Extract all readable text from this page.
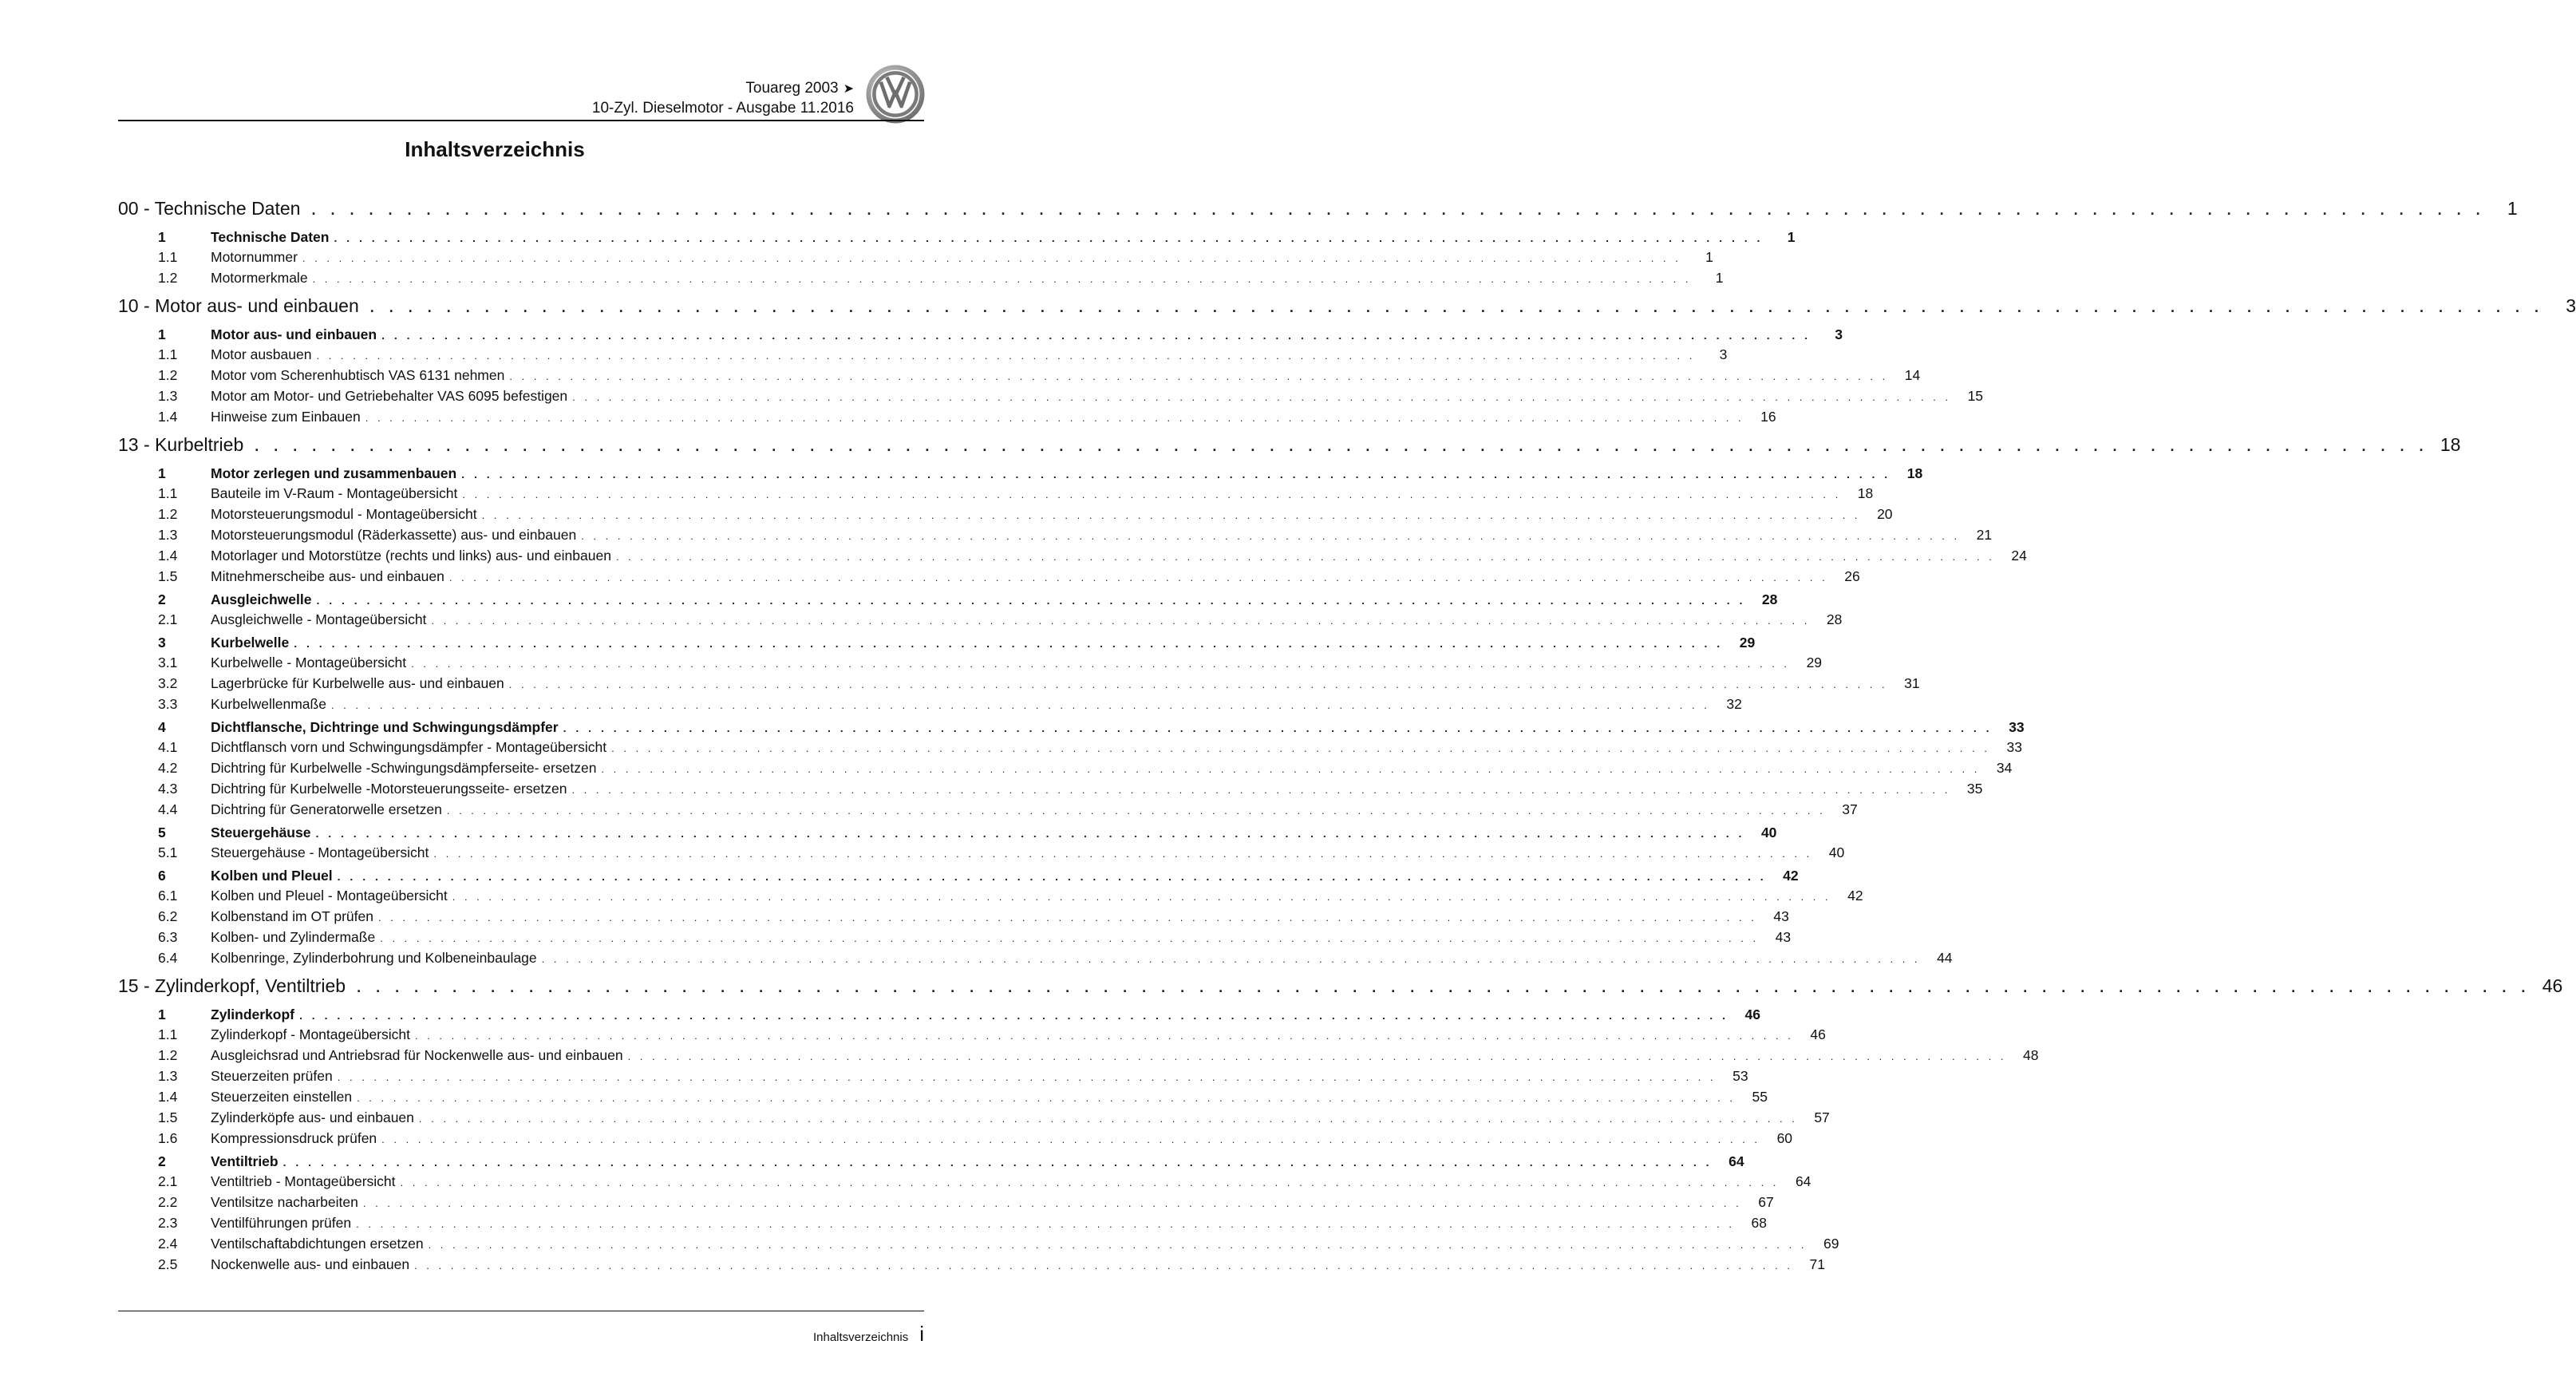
Touareg 2003 ➤
10-Zyl. Dieselmotor - Ausgabe 11.2016
Inhaltsverzeichnis
00 - Technische Daten . . . . . . . . . . . . . . . . . . . . . . . . . . . . . . . . . . . . . . . . . . . . . . . . . . . . . . . . . . . . . . . . . . . . . . . . . . . . . . . . . . . . . . . . . . . . . . . . . . . . . . . . . . . . . . . . . .	1
1	Technische Daten . . . . . . . . . . . . . . . . . . . . . . . . . . . . . . . . . . . . . . . . . . . . . . . . . . . . . . . . . . . . . . . . . . . . . . . . . . . . . . . . . . . . . . . . . . . . . . . . . . . . . . . . . . . . . . . . . .	1
1.1	Motornummer . . . . . . . . . . . . . . . . . . . . . . . . . . . . . . . . . . . . . . . . . . . . . . . . . . . . . . . . . . . . . . . . . . . . . . . . . . . . . . . . . . . . . . . . . . . . . . . . . . . . . . . . . . . . . . . . . .	1
1.2	Motormerkmale . . . . . . . . . . . . . . . . . . . . . . . . . . . . . . . . . . . . . . . . . . . . . . . . . . . . . . . . . . . . . . . . . . . . . . . . . . . . . . . . . . . . . . . . . . . . . . . . . . . . . . . . . . . . . . . . . .	1
10 - Motor aus- und einbauen . . . . . . . . . . . . . . . . . . . . . . . . . . . . . . . . . . . . . . . . . . . . . . . . . . . . . . . . . . . . . . . . . . . . . . . . . . . . . . . . . . . . . . . . . . . . . . . . . . . . . . . . . . . . . . . . . .	3
1	Motor aus- und einbauen . . . . . . . . . . . . . . . . . . . . . . . . . . . . . . . . . . . . . . . . . . . . . . . . . . . . . . . . . . . . . . . . . . . . . . . . . . . . . . . . . . . . . . . . . . . . . . . . . . . . . . . . . . . . . . . . . .	3
1.1	Motor ausbauen . . . . . . . . . . . . . . . . . . . . . . . . . . . . . . . . . . . . . . . . . . . . . . . . . . . . . . . . . . . . . . . . . . . . . . . . . . . . . . . . . . . . . . . . . . . . . . . . . . . . . . . . . . . . . . . . . .	3
1.2	Motor vom Scherenhubtisch VAS 6131 nehmen . . . . . . . . . . . . . . . . . . . . . . . . . . . . . . . . . . . . . . . . . . . . . . . . . . . . . . . . . . . . . . . . . . . . . . . . . . . . . . . . . . . . . . . . . . . . . . . . . . . . . . . . . . . . . . . . . .	14
1.3	Motor am Motor- und Getriebehalter VAS 6095 befestigen . . . . . . . . . . . . . . . . . . . . . . . . . . . . . . . . . . . . . . . . . . . . . . . . . . . . . . . . . . . . . . . . . . . . . . . . . . . . . . . . . . . . . . . . . . . . . . . . . . . . . . . . . . . . . . . . . .	15
1.4	Hinweise zum Einbauen . . . . . . . . . . . . . . . . . . . . . . . . . . . . . . . . . . . . . . . . . . . . . . . . . . . . . . . . . . . . . . . . . . . . . . . . . . . . . . . . . . . . . . . . . . . . . . . . . . . . . . . . . . . . . . . . . .	16
13 - Kurbeltrieb . . . . . . . . . . . . . . . . . . . . . . . . . . . . . . . . . . . . . . . . . . . . . . . . . . . . . . . . . . . . . . . . . . . . . . . . . . . . . . . . . . . . . . . . . . . . . . . . . . . . . . . . . . . . . . . . . . 18
1	Motor zerlegen und zusammenbauen . . . . . . . . . . . . . . . . . . . . . . . . . . . . . . . . . . . . . . . . . . . . . . . . . . . . . . . . . . . . . . . . . . . . . . . . . . . . . . . . . . . . . . . . . . . . . . . . . . . . . . . . . . . . . . . . . .	18
1.1	Bauteile im V-Raum - Montageübersicht . . . . . . . . . . . . . . . . . . . . . . . . . . . . . . . . . . . . . . . . . . . . . . . . . . . . . . . . . . . . . . . . . . . . . . . . . . . . . . . . . . . . . . . . . . . . . . . . . . . . . . . . . . . . . . . . . .	18
1.2	Motorsteuerungsmodul - Montageübersicht . . . . . . . . . . . . . . . . . . . . . . . . . . . . . . . . . . . . . . . . . . . . . . . . . . . . . . . . . . . . . . . . . . . . . . . . . . . . . . . . . . . . . . . . . . . . . . . . . . . . . . . . . . . . . . . . . .	20
1.3	Motorsteuerungsmodul (Räderkassette) aus- und einbauen . . . . . . . . . . . . . . . . . . . . . . . . . . . . . . . . . . . . . . . . . . . . . . . . . . . . . . . . . . . . . . . . . . . . . . . . . . . . . . . . . . . . . . . . . . . . . . . . . . . . . . . . . . . . . . . . . .	21
1.4	Motorlager und Motorstütze (rechts und links) aus- und einbauen . . . . . . . . . . . . . . . . . . . . . . . . . . . . . . . . . . . . . . . . . . . . . . . . . . . . . . . . . . . . . . . . . . . . . . . . . . . . . . . . . . . . . . . . . . . . . . . . . . . . . . . . . . . . . . . . . .	24
1.5	Mitnehmerscheibe aus- und einbauen . . . . . . . . . . . . . . . . . . . . . . . . . . . . . . . . . . . . . . . . . . . . . . . . . . . . . . . . . . . . . . . . . . . . . . . . . . . . . . . . . . . . . . . . . . . . . . . . . . . . . . . . . . . . . . . . . .	26
2	Ausgleichwelle . . . . . . . . . . . . . . . . . . . . . . . . . . . . . . . . . . . . . . . . . . . . . . . . . . . . . . . . . . . . . . . . . . . . . . . . . . . . . . . . . . . . . . . . . . . . . . . . . . . . . . . . . . . . . . . . . .	28
2.1	Ausgleichwelle - Montageübersicht . . . . . . . . . . . . . . . . . . . . . . . . . . . . . . . . . . . . . . . . . . . . . . . . . . . . . . . . . . . . . . . . . . . . . . . . . . . . . . . . . . . . . . . . . . . . . . . . . . . . . . . . . . . . . . . . . .	28
3	Kurbelwelle . . . . . . . . . . . . . . . . . . . . . . . . . . . . . . . . . . . . . . . . . . . . . . . . . . . . . . . . . . . . . . . . . . . . . . . . . . . . . . . . . . . . . . . . . . . . . . . . . . . . . . . . . . . . . . . . . .	29
3.1	Kurbelwelle - Montageübersicht . . . . . . . . . . . . . . . . . . . . . . . . . . . . . . . . . . . . . . . . . . . . . . . . . . . . . . . . . . . . . . . . . . . . . . . . . . . . . . . . . . . . . . . . . . . . . . . . . . . . . . . . . . . . . . . . . .	29
3.2	Lagerbrücke für Kurbelwelle aus- und einbauen . . . . . . . . . . . . . . . . . . . . . . . . . . . . . . . . . . . . . . . . . . . . . . . . . . . . . . . . . . . . . . . . . . . . . . . . . . . . . . . . . . . . . . . . . . . . . . . . . . . . . . . . . . . . . . . . . .	31
3.3	Kurbelwellenmaße . . . . . . . . . . . . . . . . . . . . . . . . . . . . . . . . . . . . . . . . . . . . . . . . . . . . . . . . . . . . . . . . . . . . . . . . . . . . . . . . . . . . . . . . . . . . . . . . . . . . . . . . . . . . . . . . . .	32
4	Dichtflansche, Dichtringe und Schwingungsdämpfer . . . . . . . . . . . . . . . . . . . . . . . . . . . . . . . . . . . . . . . . . . . . . . . . . . . . . . . . . . . . . . . . . . . . . . . . . . . . . . . . . . . . . . . . . . . . . . . . . . . . . . . . . . . . . . . . . .	33
4.1	Dichtflansch vorn und Schwingungsdämpfer - Montageübersicht . . . . . . . . . . . . . . . . . . . . . . . . . . . . . . . . . . . . . . . . . . . . . . . . . . . . . . . . . . . . . . . . . . . . . . . . . . . . . . . . . . . . . . . . . . . . . . . . . . . . . . . . . . . . . . . . . .	33
4.2	Dichtring für Kurbelwelle -Schwingungsdämpferseite- ersetzen . . . . . . . . . . . . . . . . . . . . . . . . . . . . . . . . . . . . . . . . . . . . . . . . . . . . . . . . . . . . . . . . . . . . . . . . . . . . . . . . . . . . . . . . . . . . . . . . . . . . . . . . . . . . . . . . . .	34
4.3	Dichtring für Kurbelwelle -Motorsteuerungsseite- ersetzen . . . . . . . . . . . . . . . . . . . . . . . . . . . . . . . . . . . . . . . . . . . . . . . . . . . . . . . . . . . . . . . . . . . . . . . . . . . . . . . . . . . . . . . . . . . . . . . . . . . . . . . . . . . . . . . . . .	35
4.4	Dichtring für Generatorwelle ersetzen . . . . . . . . . . . . . . . . . . . . . . . . . . . . . . . . . . . . . . . . . . . . . . . . . . . . . . . . . . . . . . . . . . . . . . . . . . . . . . . . . . . . . . . . . . . . . . . . . . . . . . . . . . . . . . . . . .	37
5	Steuergehäuse . . . . . . . . . . . . . . . . . . . . . . . . . . . . . . . . . . . . . . . . . . . . . . . . . . . . . . . . . . . . . . . . . . . . . . . . . . . . . . . . . . . . . . . . . . . . . . . . . . . . . . . . . . . . . . . . . .	40
5.1	Steuergehäuse - Montageübersicht . . . . . . . . . . . . . . . . . . . . . . . . . . . . . . . . . . . . . . . . . . . . . . . . . . . . . . . . . . . . . . . . . . . . . . . . . . . . . . . . . . . . . . . . . . . . . . . . . . . . . . . . . . . . . . . . . .	40
6	Kolben und Pleuel . . . . . . . . . . . . . . . . . . . . . . . . . . . . . . . . . . . . . . . . . . . . . . . . . . . . . . . . . . . . . . . . . . . . . . . . . . . . . . . . . . . . . . . . . . . . . . . . . . . . . . . . . . . . . . . . . .	42
6.1	Kolben und Pleuel - Montageübersicht . . . . . . . . . . . . . . . . . . . . . . . . . . . . . . . . . . . . . . . . . . . . . . . . . . . . . . . . . . . . . . . . . . . . . . . . . . . . . . . . . . . . . . . . . . . . . . . . . . . . . . . . . . . . . . . . . .	42
6.2	Kolbenstand im OT prüfen . . . . . . . . . . . . . . . . . . . . . . . . . . . . . . . . . . . . . . . . . . . . . . . . . . . . . . . . . . . . . . . . . . . . . . . . . . . . . . . . . . . . . . . . . . . . . . . . . . . . . . . . . . . . . . . . . .	43
6.3	Kolben- und Zylindermaße . . . . . . . . . . . . . . . . . . . . . . . . . . . . . . . . . . . . . . . . . . . . . . . . . . . . . . . . . . . . . . . . . . . . . . . . . . . . . . . . . . . . . . . . . . . . . . . . . . . . . . . . . . . . . . . . . .	43
6.4	Kolbenringe, Zylinderbohrung und Kolbeneinbaulage . . . . . . . . . . . . . . . . . . . . . . . . . . . . . . . . . . . . . . . . . . . . . . . . . . . . . . . . . . . . . . . . . . . . . . . . . . . . . . . . . . . . . . . . . . . . . . . . . . . . . . . . . . . . . . . . . .	44
15 - Zylinderkopf, Ventiltrieb . . . . . . . . . . . . . . . . . . . . . . . . . . . . . . . . . . . . . . . . . . . . . . . . . . . . . . . . . . . . . . . . . . . . . . . . . . . . . . . . . . . . . . . . . . . . . . . . . . . . . . . . . . . . . . . . . . 46
1	Zylinderkopf . . . . . . . . . . . . . . . . . . . . . . . . . . . . . . . . . . . . . . . . . . . . . . . . . . . . . . . . . . . . . . . . . . . . . . . . . . . . . . . . . . . . . . . . . . . . . . . . . . . . . . . . . . . . . . . . . .	46
1.1	Zylinderkopf - Montageübersicht . . . . . . . . . . . . . . . . . . . . . . . . . . . . . . . . . . . . . . . . . . . . . . . . . . . . . . . . . . . . . . . . . . . . . . . . . . . . . . . . . . . . . . . . . . . . . . . . . . . . . . . . . . . . . . . . . .	46
1.2	Ausgleichsrad und Antriebsrad für Nockenwelle aus- und einbauen . . . . . . . . . . . . . . . . . . . . . . . . . . . . . . . . . . . . . . . . . . . . . . . . . . . . . . . . . . . . . . . . . . . . . . . . . . . . . . . . . . . . . . . . . . . . . . . . . . . . . . . . . . . . . . . . . .	48
1.3	Steuerzeiten prüfen . . . . . . . . . . . . . . . . . . . . . . . . . . . . . . . . . . . . . . . . . . . . . . . . . . . . . . . . . . . . . . . . . . . . . . . . . . . . . . . . . . . . . . . . . . . . . . . . . . . . . . . . . . . . . . . . . .	53
1.4	Steuerzeiten einstellen . . . . . . . . . . . . . . . . . . . . . . . . . . . . . . . . . . . . . . . . . . . . . . . . . . . . . . . . . . . . . . . . . . . . . . . . . . . . . . . . . . . . . . . . . . . . . . . . . . . . . . . . . . . . . . . . . .	55
1.5	Zylinderköpfe aus- und einbauen . . . . . . . . . . . . . . . . . . . . . . . . . . . . . . . . . . . . . . . . . . . . . . . . . . . . . . . . . . . . . . . . . . . . . . . . . . . . . . . . . . . . . . . . . . . . . . . . . . . . . . . . . . . . . . . . . .	57
1.6	Kompressionsdruck prüfen . . . . . . . . . . . . . . . . . . . . . . . . . . . . . . . . . . . . . . . . . . . . . . . . . . . . . . . . . . . . . . . . . . . . . . . . . . . . . . . . . . . . . . . . . . . . . . . . . . . . . . . . . . . . . . . . . .	60
2	Ventiltrieb . . . . . . . . . . . . . . . . . . . . . . . . . . . . . . . . . . . . . . . . . . . . . . . . . . . . . . . . . . . . . . . . . . . . . . . . . . . . . . . . . . . . . . . . . . . . . . . . . . . . . . . . . . . . . . . . . .	64
2.1	Ventiltrieb - Montageübersicht . . . . . . . . . . . . . . . . . . . . . . . . . . . . . . . . . . . . . . . . . . . . . . . . . . . . . . . . . . . . . . . . . . . . . . . . . . . . . . . . . . . . . . . . . . . . . . . . . . . . . . . . . . . . . . . . . .	64
2.2	Ventilsitze nacharbeiten . . . . . . . . . . . . . . . . . . . . . . . . . . . . . . . . . . . . . . . . . . . . . . . . . . . . . . . . . . . . . . . . . . . . . . . . . . . . . . . . . . . . . . . . . . . . . . . . . . . . . . . . . . . . . . . . . .	67
2.3	Ventilführungen prüfen . . . . . . . . . . . . . . . . . . . . . . . . . . . . . . . . . . . . . . . . . . . . . . . . . . . . . . . . . . . . . . . . . . . . . . . . . . . . . . . . . . . . . . . . . . . . . . . . . . . . . . . . . . . . . . . . . .	68
2.4	Ventilschaftabdichtungen ersetzen . . . . . . . . . . . . . . . . . . . . . . . . . . . . . . . . . . . . . . . . . . . . . . . . . . . . . . . . . . . . . . . . . . . . . . . . . . . . . . . . . . . . . . . . . . . . . . . . . . . . . . . . . . . . . . . . . .	69
2.5	Nockenwelle aus- und einbauen . . . . . . . . . . . . . . . . . . . . . . . . . . . . . . . . . . . . . . . . . . . . . . . . . . . . . . . . . . . . . . . . . . . . . . . . . . . . . . . . . . . . . . . . . . . . . . . . . . . . . . . . . . . . . . . . . .	71
Inhaltsverzeichnis i
